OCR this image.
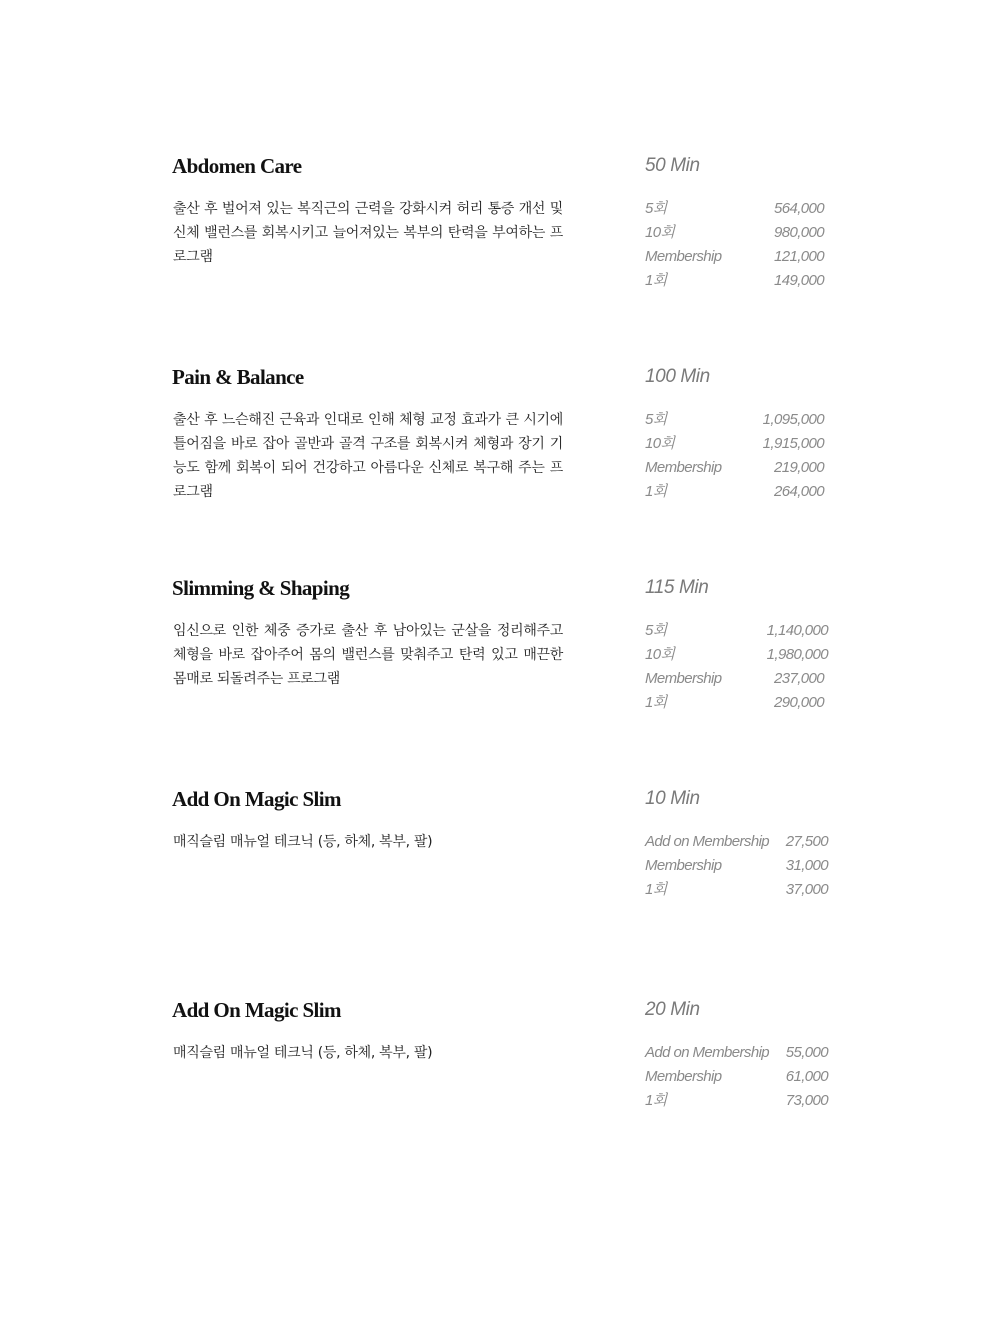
Abdomen Care

출산 후 벌어져 있는 복직근의 근력을 강화시켜 허리 통증 개선 및 신체 밸런스를 회복시키고 늘어져있는 복부의 탄력을 부여하는 프로그램

50 Min
5회	564,000
10회	980,000
Membership	121,000
1회	149,000
Pain & Balance

출산 후 느슨해진 근육과 인대로 인해 체형 교정 효과가 큰 시기에 틀어짐을 바로 잡아 골반과 골격 구조를 회복시켜 체형과 장기 기능도 함께 회복이 되어 건강하고 아름다운 신체로 복구해 주는 프로그램

100 Min
5회	1,095,000
10회	1,915,000
Membership	219,000
1회	264,000
Slimming & Shaping

임신으로 인한 체중 증가로 출산 후 남아있는 군살을 정리해주고 체형을 바로 잡아주어 몸의 밸런스를 맞춰주고 탄력 있고 매끈한 몸매로 되돌려주는 프로그램

115 Min
5회	1,140,000
10회	1,980,000
Membership	237,000
1회	290,000
Add On Magic Slim

매직슬림 매뉴얼 테크닉 (등, 하체, 복부, 팔)

10 Min
Add on Membership 27,500
Membership	31,000
1회	37,000
Add On Magic Slim

매직슬림 매뉴얼 테크닉 (등, 하체, 복부, 팔)

20 Min
Add on Membership 55,000
Membership	61,000
1회	73,000
